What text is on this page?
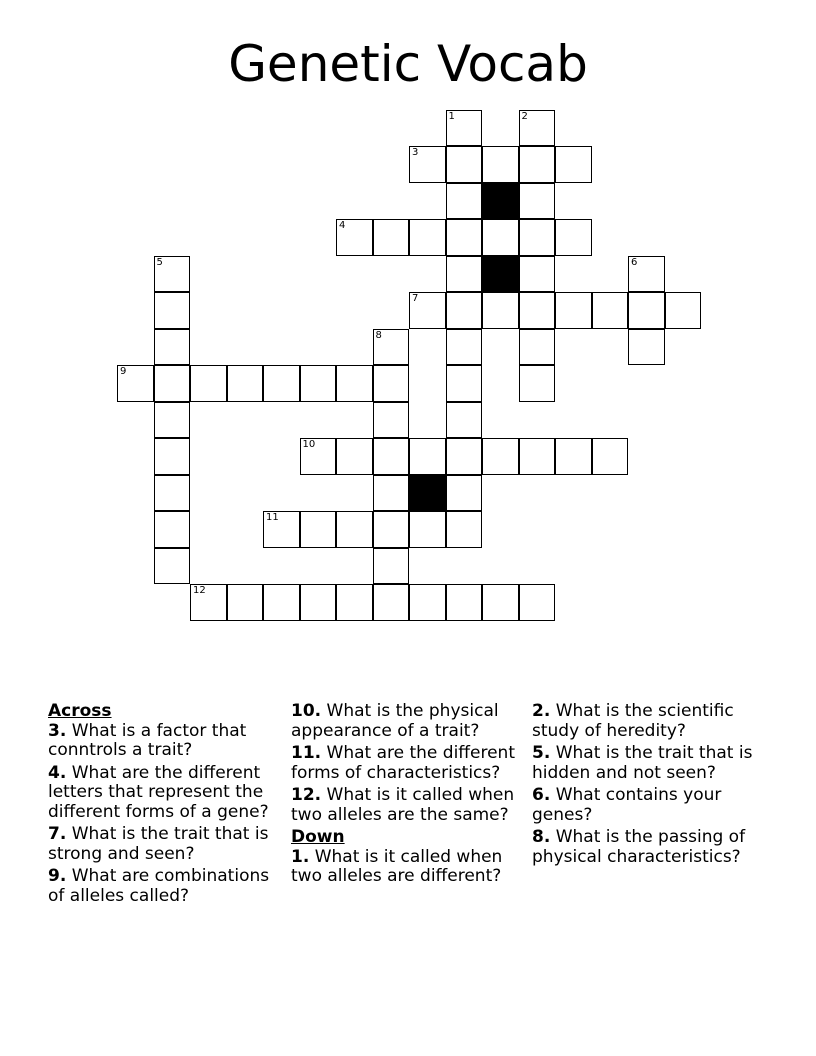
Genetic Vocab
1	2
3
4
5	6
7
8
9
10
11
12
Across
3. What is a factor that conntrols a trait?
4. What are the different letters that represent the different forms of a gene?
7. What is the trait that is strong and seen?
9. What are combinations of alleles called?
10. What is the physical appearance of a trait?
11. What are the different forms of characteristics?
12. What is it called when two alleles are the same?
Down
1. What is it called when two alleles are different?
2. What is the scientific study of heredity?
5. What is the trait that is hidden and not seen?
6. What contains your genes?
8. What is the passing of physical characteristics?
